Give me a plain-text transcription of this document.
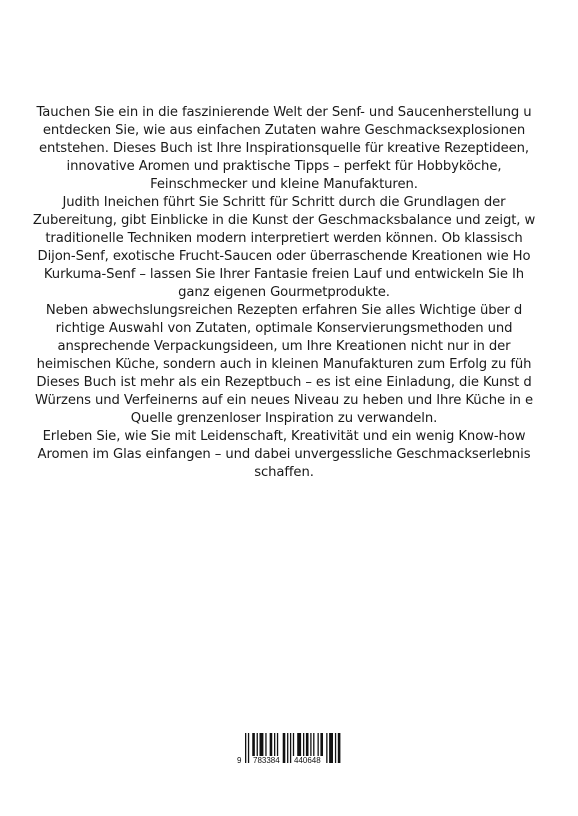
Tauchen Sie ein in die faszinierende Welt der Senf- und Saucenherstellung u
entdecken Sie, wie aus einfachen Zutaten wahre Geschmacksexplosionen
entstehen. Dieses Buch ist Ihre Inspirationsquelle für kreative Rezeptideen,
innovative Aromen und praktische Tipps – perfekt für Hobbyköche,
Feinschmecker und kleine Manufakturen.
Judith Ineichen führt Sie Schritt für Schritt durch die Grundlagen der
Zubereitung, gibt Einblicke in die Kunst der Geschmacksbalance und zeigt, w
traditionelle Techniken modern interpretiert werden können. Ob klassisch
Dijon-Senf, exotische Frucht-Saucen oder überraschende Kreationen wie Ho
Kurkuma-Senf – lassen Sie Ihrer Fantasie freien Lauf und entwickeln Sie Ih
ganz eigenen Gourmetprodukte.
Neben abwechslungsreichen Rezepten erfahren Sie alles Wichtige über d
richtige Auswahl von Zutaten, optimale Konservierungsmethoden und
ansprechende Verpackungsideen, um Ihre Kreationen nicht nur in der
heimischen Küche, sondern auch in kleinen Manufakturen zum Erfolg zu füh
Dieses Buch ist mehr als ein Rezeptbuch – es ist eine Einladung, die Kunst d
Würzens und Verfeinerns auf ein neues Niveau zu heben und Ihre Küche in e
Quelle grenzenloser Inspiration zu verwandeln.
Erleben Sie, wie Sie mit Leidenschaft, Kreativität und ein wenig Know-how
Aromen im Glas einfangen – und dabei unvergessliche Geschmackserlebnis
schaffen.
9 783384 440648
